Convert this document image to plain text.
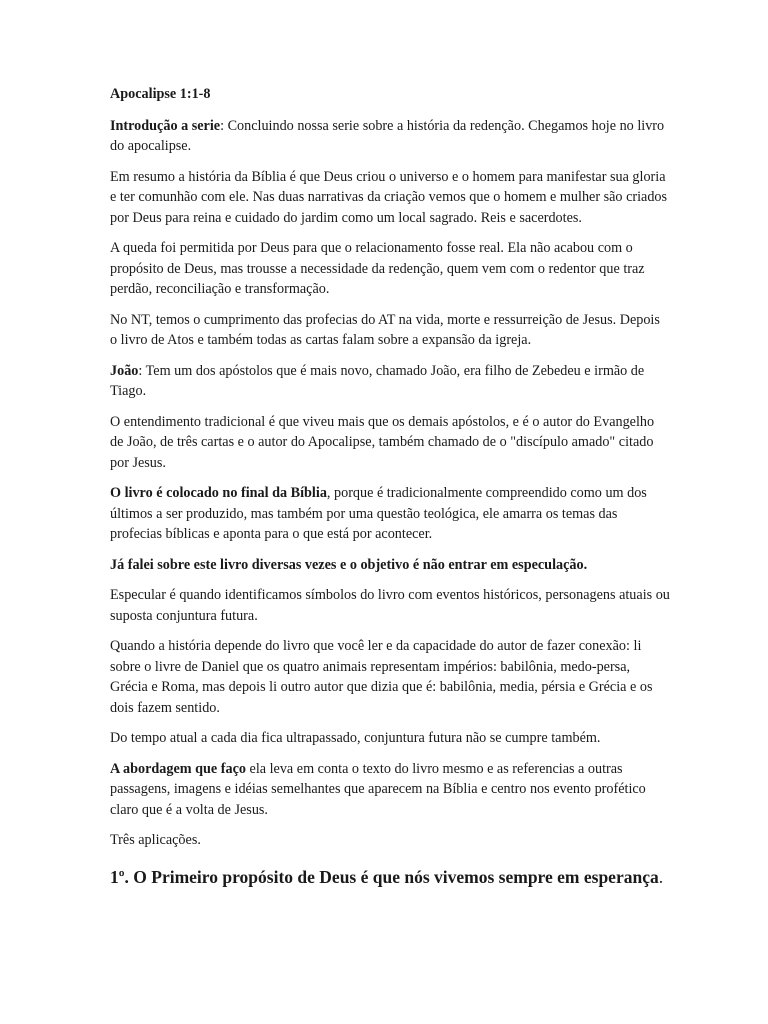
Apocalipse 1:1-8

Introdução a serie: Concluindo nossa serie sobre a história da redenção. Chegamos hoje no livro do apocalipse.

Em resumo a história da Bíblia é que Deus criou o universo e o homem para manifestar sua gloria e ter comunhão com ele. Nas duas narrativas da criação vemos que o homem e mulher são criados por Deus para reina e cuidado do jardim como um local sagrado. Reis e sacerdotes.

A queda foi permitida por Deus para que o relacionamento fosse real. Ela não acabou com o propósito de Deus, mas trousse a necessidade da redenção, quem vem com o redentor que traz perdão, reconciliação e transformação.

No NT, temos o cumprimento das profecias do AT na vida, morte e ressurreição de Jesus. Depois o livro de Atos e também todas as cartas falam sobre a expansão da igreja.

João: Tem um dos apóstolos que é mais novo, chamado João, era filho de Zebedeu e irmão de Tiago.

O entendimento tradicional é que viveu mais que os demais apóstolos, e é o autor do Evangelho de João, de três cartas e o autor do Apocalipse, também chamado de o "discípulo amado" citado por Jesus.

O livro é colocado no final da Bíblia, porque é tradicionalmente compreendido como um dos últimos a ser produzido, mas também por uma questão teológica, ele amarra os temas das profecias bíblicas e aponta para o que está por acontecer.

Já falei sobre este livro diversas vezes e o objetivo é não entrar em especulação.

Especular é quando identificamos símbolos do livro com eventos históricos, personagens atuais ou suposta conjuntura futura.

Quando a história depende do livro que você ler e da capacidade do autor de fazer conexão: li sobre o livre de Daniel que os quatro animais representam impérios: babilônia, medo-persa, Grécia e Roma, mas depois li outro autor que dizia que é: babilônia, media, pérsia e Grécia e os dois fazem sentido.

Do tempo atual a cada dia fica ultrapassado, conjuntura futura não se cumpre também.

A abordagem que faço ela leva em conta o texto do livro mesmo e as referencias a outras passagens, imagens e idéias semelhantes que aparecem na Bíblia e centro nos evento profético claro que é a volta de Jesus.

Três aplicações.

1º. O Primeiro propósito de Deus é que nós vivemos sempre em esperança.
